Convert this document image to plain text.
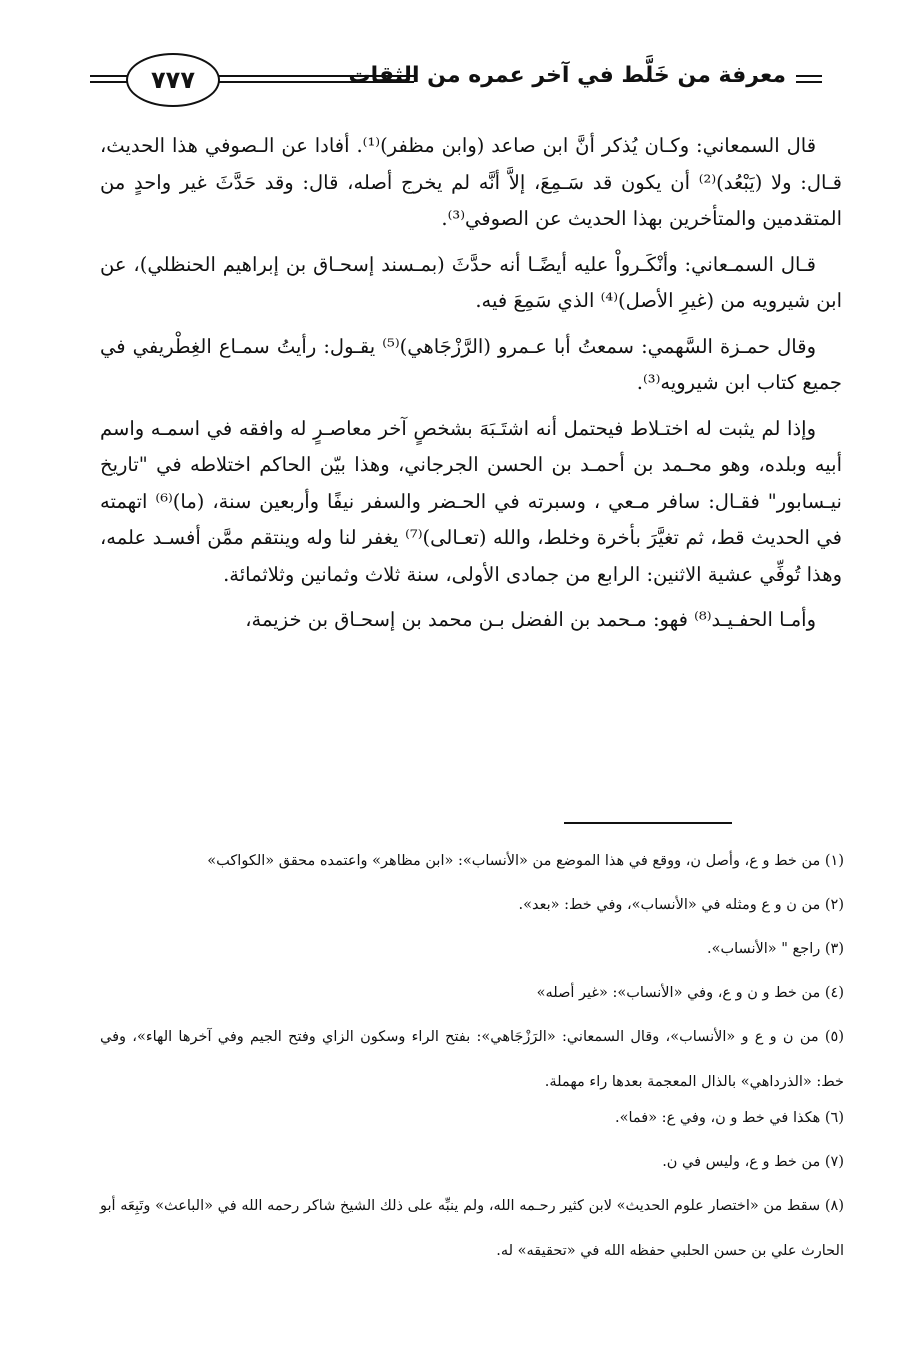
٧٧٧	معرفة من خَلَّط في آخر عمره من الثقات

قال السمعاني: وكـان يُذكر أنَّ ابن صاعد (وابن مظفر)⁽¹⁾. أفادا عن الـصوفي هذا الحديث، قـال: ولا (يَبْعُد)⁽²⁾ أن يكون قد سَـمِعَ، إلاَّ أنَّه لم يخرج أصله، قال: وقد حَدَّثَ غير واحدٍ من المتقدمين والمتأخرين بهذا الحديث عن الصوفي⁽³⁾.

قـال السمـعاني: وأنْكَـرواْ عليه أيضًـا أنه حدَّثَ (بمـسند إسحـاق بن إبراهيم الحنظلي)، عن ابن شيرويه من (غيرِ الأصل)⁽⁴⁾ الذي سَمِعَ فيه.

وقال حمـزة السَّهمي: سمعتُ أبا عـمرو (الرَّزْجَاهي)⁽⁵⁾ يقـول: رأيتُ سمـاع الغِطْريفي في جميع كتاب ابن شيرويه⁽³⁾.

وإذا لم يثبت له اختـلاط فيحتمل أنه اشتَـبَهَ بشخصٍ آخر معاصـرٍ له وافقه في اسمـه واسم أبيه وبلده، وهو محـمد بن أحمـد بن الحسن الجرجاني، وهذا بيّن الحاكم اختلاطه في "تاريخ نيـسابور" فقـال: سافر مـعي ، وسبرته في الحـضر والسفر نيفًا وأربعين سنة، (ما)⁽⁶⁾ اتهمته في الحديث قط، ثم تغيَّرَ بأخرة وخلط، والله (تعـالى)⁽⁷⁾ يغفر لنا وله وينتقم ممَّن أفسـد علمه، وهذا تُوفِّي عشية الاثنين: الرابع من جمادى الأولى، سنة ثلاث وثمانين وثلاثمائة.

وأمـا الحفـيـد⁽⁸⁾ فهو: مـحمد بن الفضل بـن محمد بن إسحـاق بن خزيمة،

(١) من خط و ع، وأصل ن، ووقع في هذا الموضع من «الأنساب»: «ابن مظاهر» واعتمده محقق «الكواكب»

(٢) من ن و ع ومثله في «الأنساب»، وفي خط: «بعد».

(٣) راجع " «الأنساب».

(٤) من خط و ن و ع، وفي «الأنساب»: «غير أصله»

(٥) من ن و ع و «الأنساب»، وقال السمعاني: «الرَزْجَاهي»: بفتح الراء وسكون الزاي وفتح الجيم وفي آخرها الهاء»، وفي خط: «الذرداهي» بالذال المعجمة بعدها راء مهملة.

(٦) هكذا في خط و ن، وفي ع: «فما».

(٧) من خط و ع، وليس في ن.

(٨) سقط من «اختصار علوم الحديث» لابن كثير رحـمه الله، ولم ينبِّه على ذلك الشيخ شاكر رحمه الله في «الباعث» وتَبِعَه أبو الحارث علي بن حسن الحلبي حفظه الله في «تحقيقه» له.
